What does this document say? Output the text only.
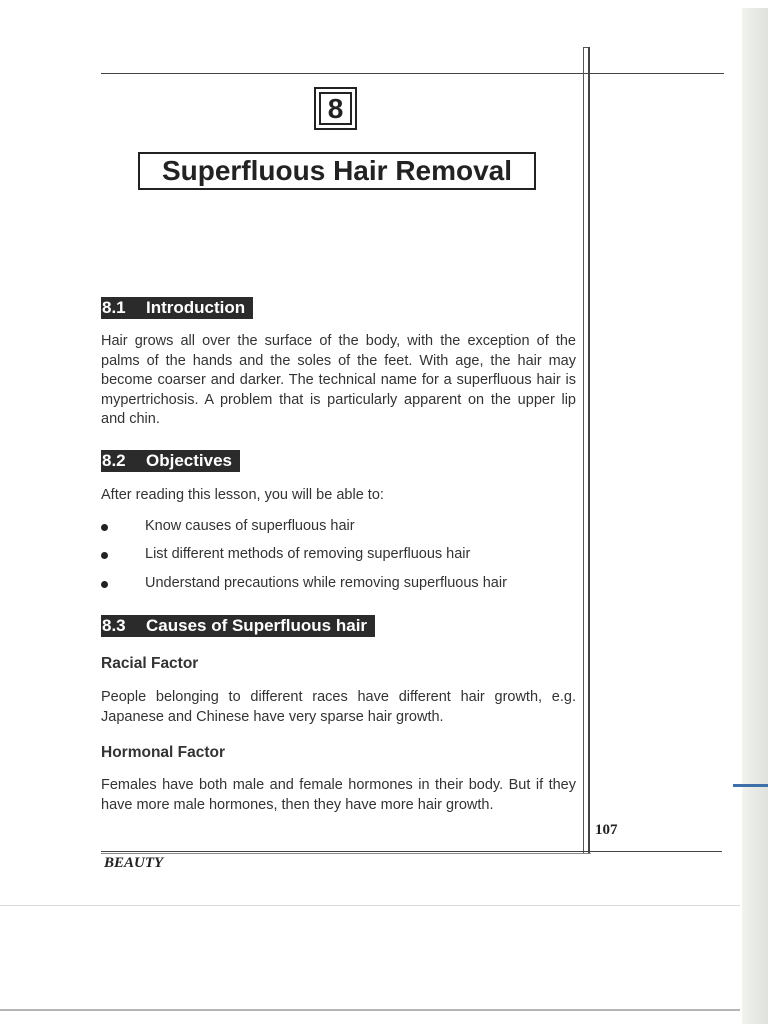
8
Superfluous Hair Removal
8.1	Introduction

Hair grows all over the surface of the body, with the exception of the palms of the hands and the soles of the feet. With age, the hair may become coarser and darker. The technical name for a superfluous hair is mypertrichosis. A problem that is particularly apparent on the upper lip and chin.

8.2	Objectives

After reading this lesson, you will be able to:

Know causes of superfluous hair
List different methods of removing superfluous hair
Understand precautions while removing superfluous hair
8.3	Causes of Superfluous hair

Racial Factor

People belonging to different races have different hair growth, e.g. Japanese and Chinese have very sparse hair growth.

Hormonal Factor

Females have both male and female hormones in their body. But if they have more male hormones, then they have more hair growth.

107
BEAUTY
